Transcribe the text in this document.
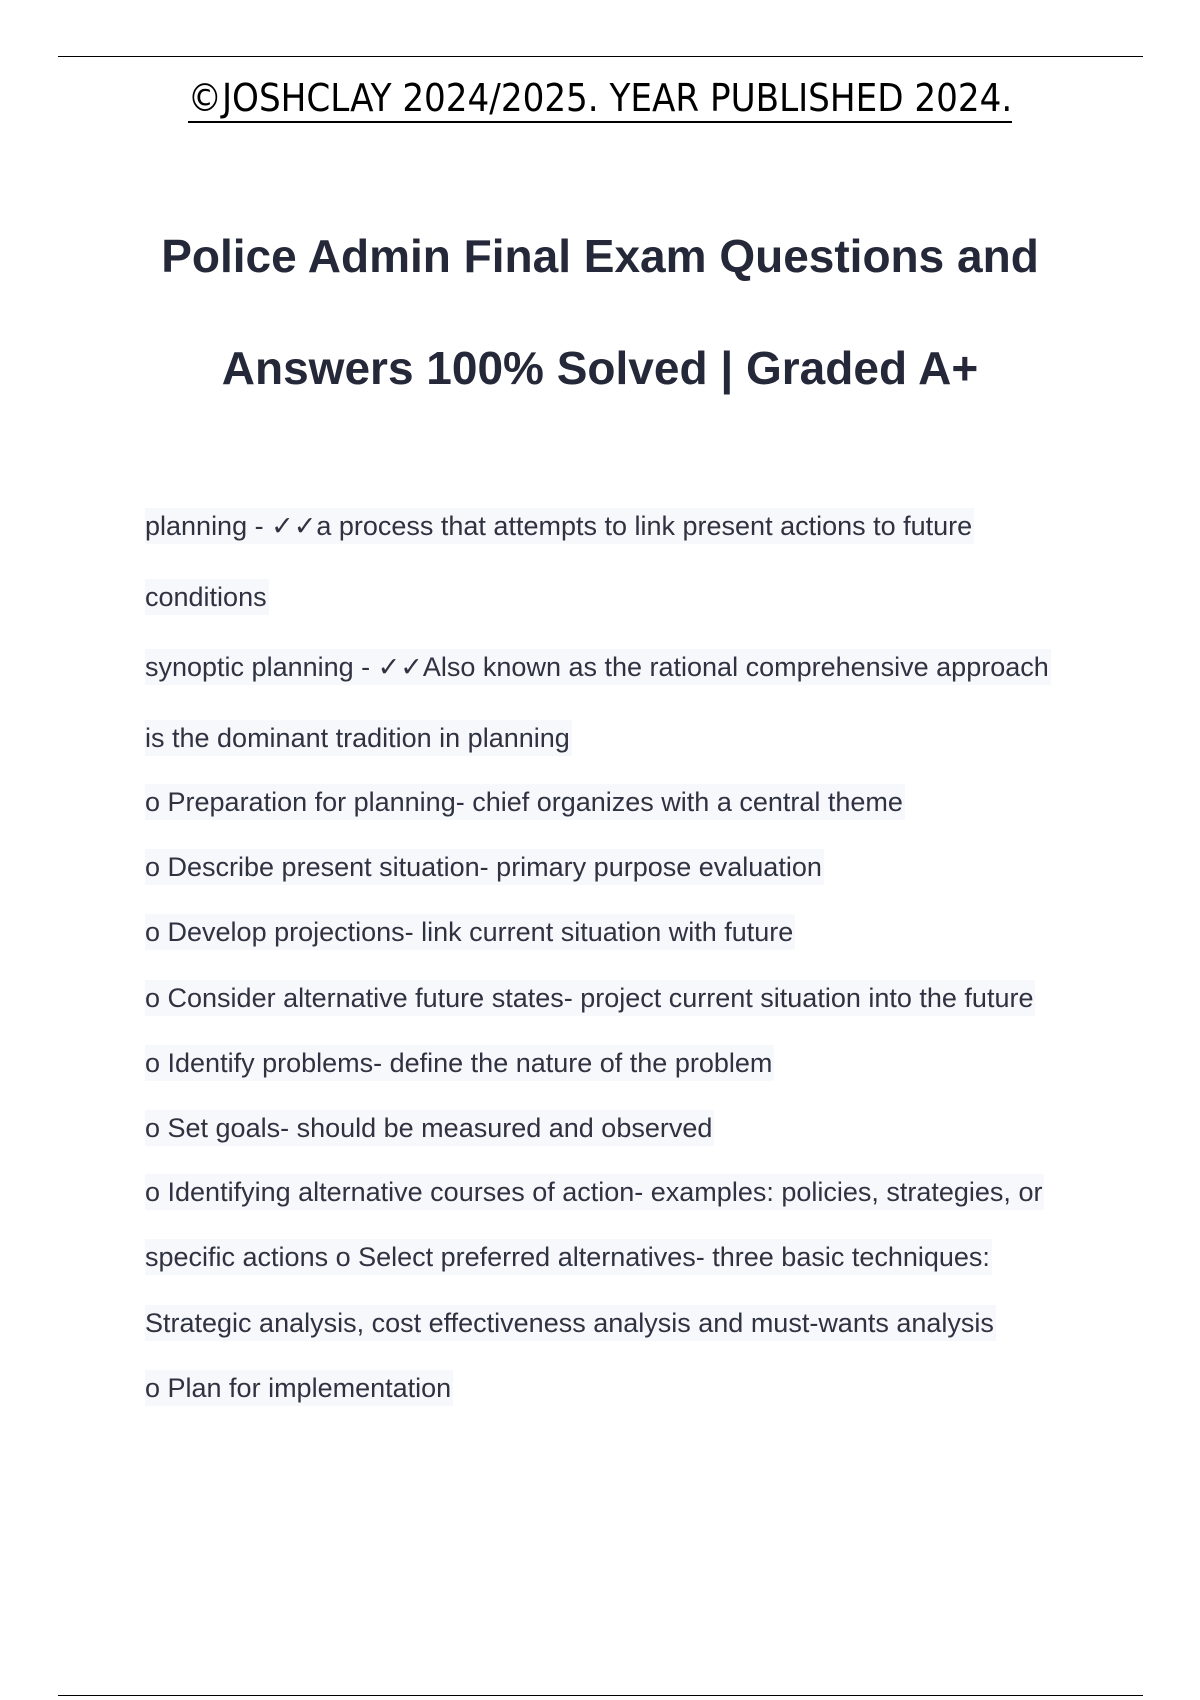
©JOSHCLAY 2024/2025. YEAR PUBLISHED 2024.

Police Admin Final Exam Questions and
Answers 100% Solved | Graded A+
planning - ✓✓a process that attempts to link present actions to future
conditions
synoptic planning - ✓✓Also known as the rational comprehensive approach
is the dominant tradition in planning
o Preparation for planning- chief organizes with a central theme
o Describe present situation- primary purpose evaluation
o Develop projections- link current situation with future
o Consider alternative future states- project current situation into the future
o Identify problems- define the nature of the problem
o Set goals- should be measured and observed
o Identifying alternative courses of action- examples: policies, strategies, or
specific actions o Select preferred alternatives- three basic techniques:
Strategic analysis, cost effectiveness analysis and must-wants analysis
o Plan for implementation
